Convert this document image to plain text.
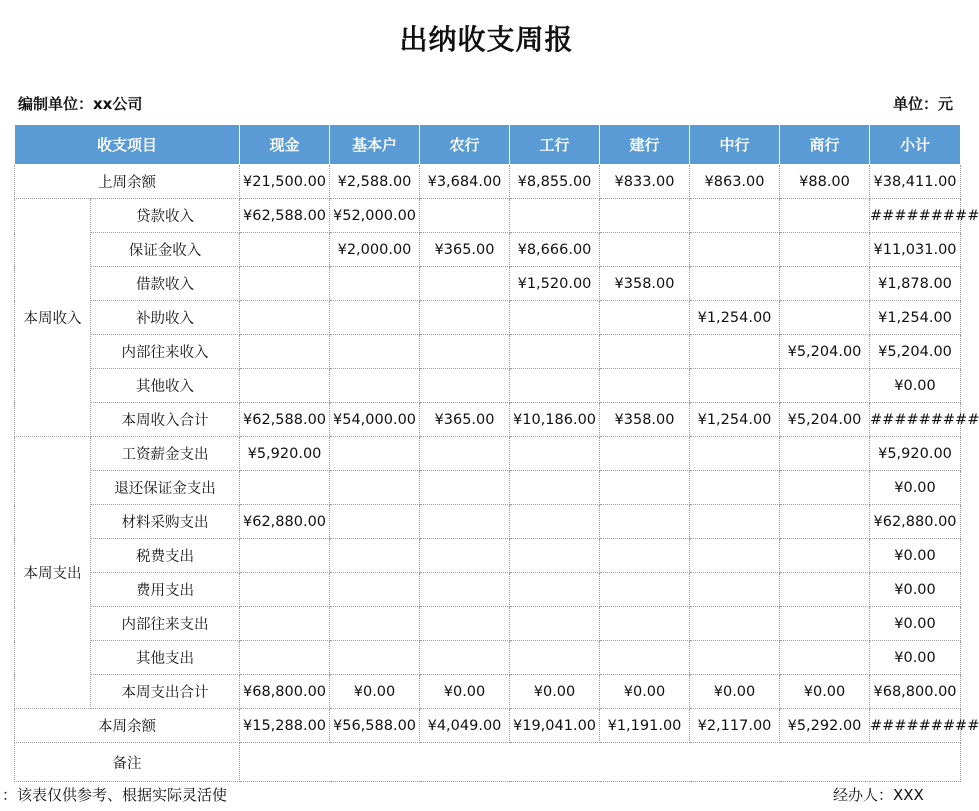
出纳收支周报
编制单位：xx公司	单位：元
收支项目		现金	基本户	农行	工行	建行	中行	商行	小计
上周余额		¥21,500.00	¥2,588.00	¥3,684.00	¥8,855.00	¥833.00	¥863.00	¥88.00	¥38,411.00
本周收入	贷款收入	¥62,588.00	¥52,000.00						#########
	保证金收入		¥2,000.00	¥365.00	¥8,666.00				¥11,031.00
	借款收入				¥1,520.00	¥358.00			¥1,878.00
	补助收入						¥1,254.00		¥1,254.00
	内部往来收入							¥5,204.00	¥5,204.00
	其他收入								¥0.00
	本周收入合计	¥62,588.00	¥54,000.00	¥365.00	¥10,186.00	¥358.00	¥1,254.00	¥5,204.00	#########
本周支出	工资薪金支出	¥5,920.00							¥5,920.00
	退还保证金支出								¥0.00
	材料采购支出	¥62,880.00							¥62,880.00
	税费支出								¥0.00
	费用支出								¥0.00
	内部往来支出								¥0.00
	其他支出								¥0.00
	本周支出合计	¥68,800.00	¥0.00	¥0.00	¥0.00	¥0.00	¥0.00	¥0.00	¥68,800.00
本周余额		¥15,288.00	¥56,588.00	¥4,049.00	¥19,041.00	¥1,191.00	¥2,117.00	¥5,292.00	#########
备注									
：该表仅供参考、根据实际灵活使	经办人：XXX
